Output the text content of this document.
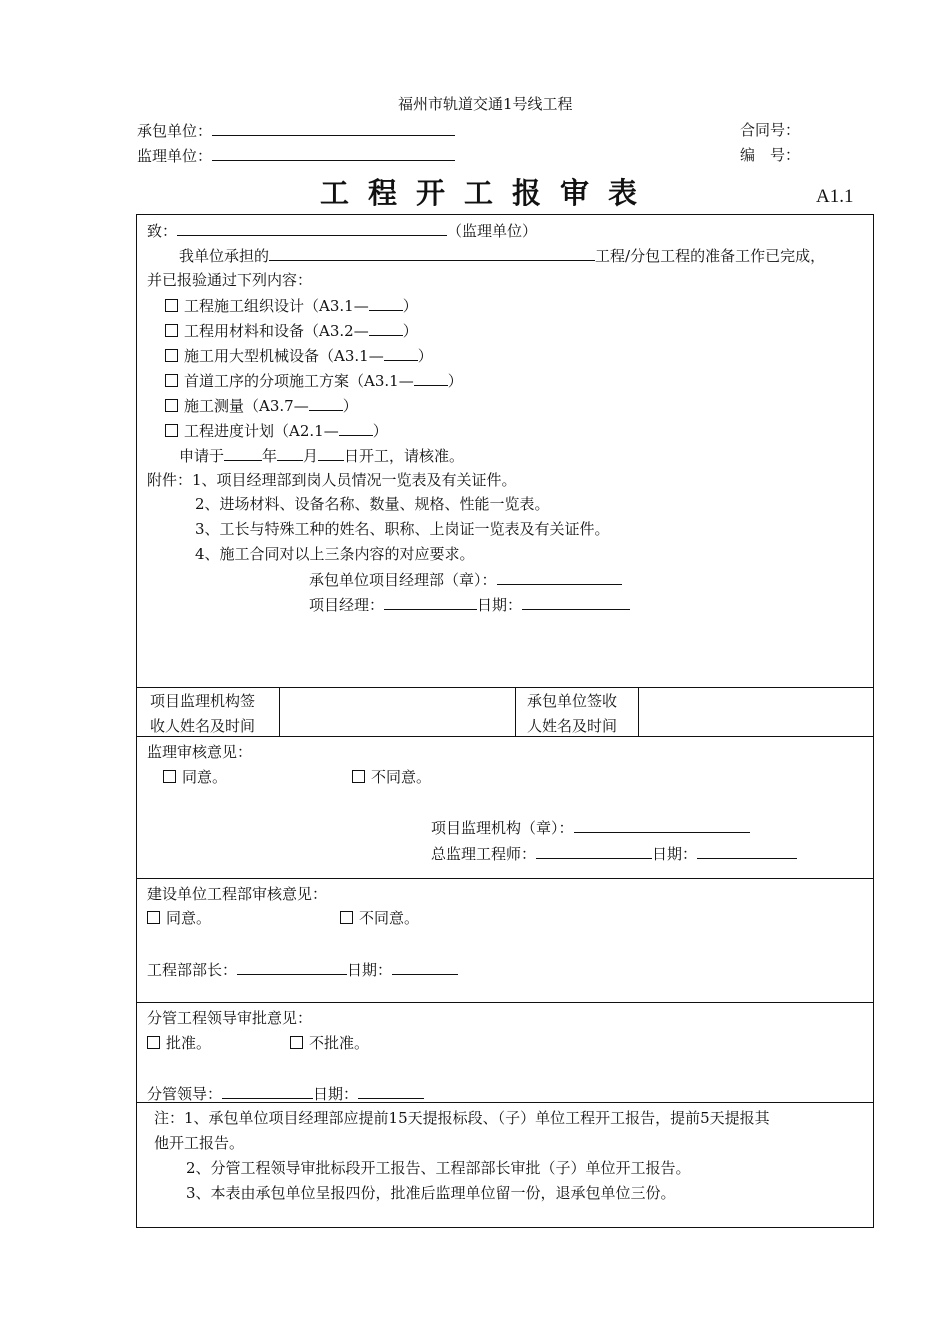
福州市轨道交通1号线工程
承包单位：
监理单位：
合同号：
编　号：
工程开工报审表	A1.1
致：	（监理单位）
我单位承担的	工程/分包工程的准备工作已完成，
并已报验通过下列内容：
工程施工组织设计（A3.1— ）
工程用材料和设备（A3.2— ）
施工用大型机械设备（A3.1— ）
首道工序的分项施工方案（A3.1— ）
施工测量（A3.7— ）
工程进度计划（A2.1— ）
申请于	年 月 日开工，请核准。
附件：1、项目经理部到岗人员情况一览表及有关证件。
2、进场材料、设备名称、数量、规格、性能一览表。
3、工长与特殊工种的姓名、职称、上岗证一览表及有关证件。
4、施工合同对以上三条内容的对应要求。
承包单位项目经理部（章）：
项目经理：	日期：
项目监理机构签
收人姓名及时间
承包单位签收
人姓名及时间
监理审核意见：
同意。	不同意。
项目监理机构（章）：
总监理工程师：	日期：
建设单位工程部审核意见：
同意。	不同意。
工程部部长：	日期：
分管工程领导审批意见：
批准。	不批准。
分管领导：	日期：
注：1、承包单位项目经理部应提前15天提报标段、（子）单位工程开工报告，提前5天提报其
他开工报告。
2、分管工程领导审批标段开工报告、工程部部长审批（子）单位开工报告。
3、本表由承包单位呈报四份，批准后监理单位留一份，退承包单位三份。
